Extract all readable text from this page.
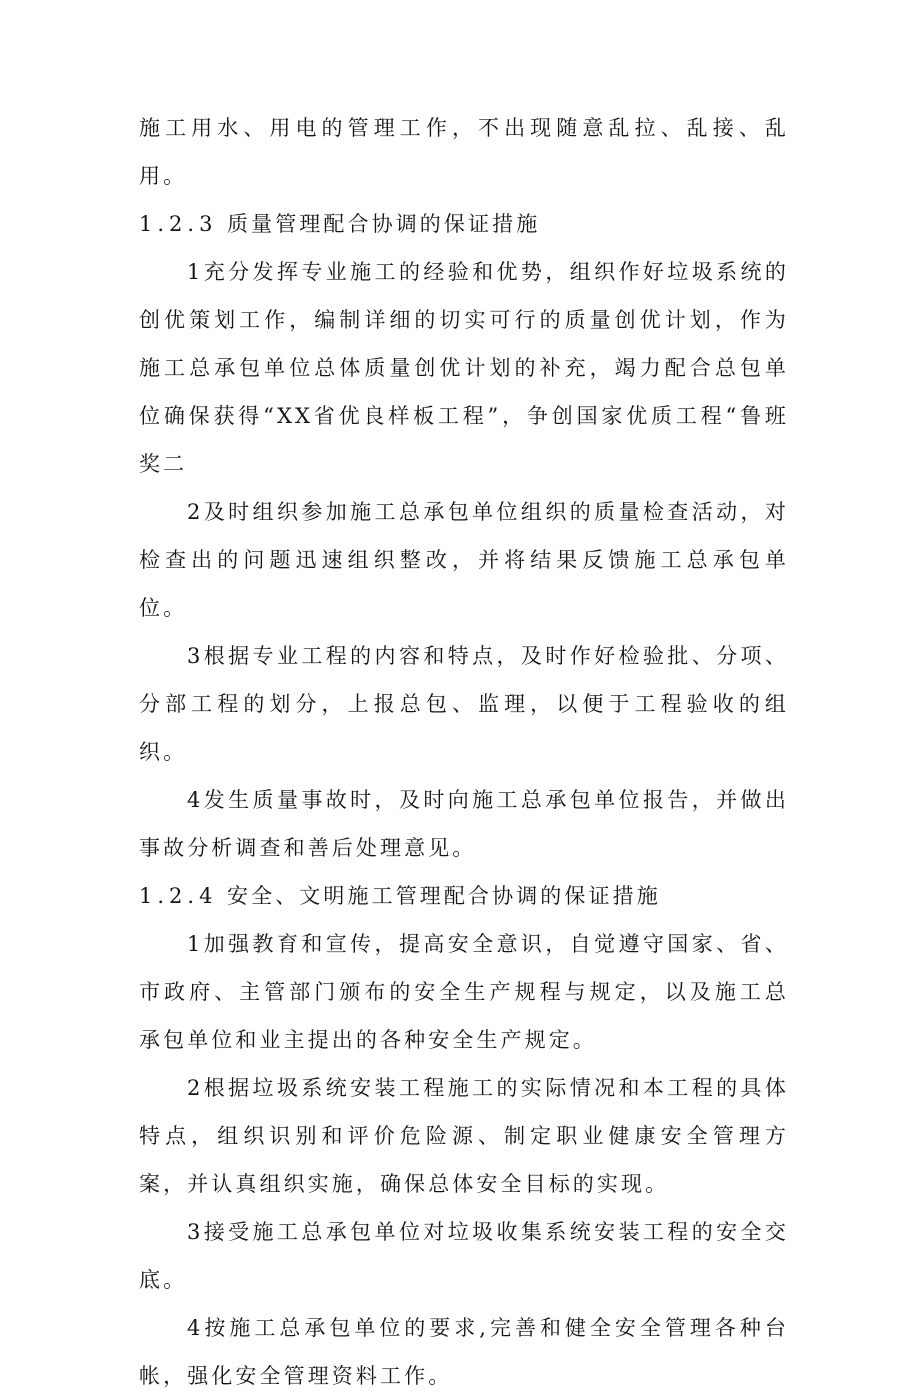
施工用水、用电的管理工作，不出现随意乱拉、乱接、乱用。

1.2.3 质量管理配合协调的保证措施

1充分发挥专业施工的经验和优势，组织作好垃圾系统的创优策划工作，编制详细的切实可行的质量创优计划，作为施工总承包单位总体质量创优计划的补充，竭力配合总包单位确保获得“XX省优良样板工程”，争创国家优质工程“鲁班奖二

2及时组织参加施工总承包单位组织的质量检查活动，对检查出的问题迅速组织整改，并将结果反馈施工总承包单位。

3根据专业工程的内容和特点，及时作好检验批、分项、分部工程的划分，上报总包、监理，以便于工程验收的组织。

4发生质量事故时，及时向施工总承包单位报告，并做出事故分析调查和善后处理意见。

1.2.4 安全、文明施工管理配合协调的保证措施

1加强教育和宣传，提高安全意识，自觉遵守国家、省、市政府、主管部门颁布的安全生产规程与规定，以及施工总承包单位和业主提出的各种安全生产规定。

2根据垃圾系统安装工程施工的实际情况和本工程的具体特点，组织识别和评价危险源、制定职业健康安全管理方案，并认真组织实施，确保总体安全目标的实现。

3接受施工总承包单位对垃圾收集系统安装工程的安全交底。

4按施工总承包单位的要求,完善和健全安全管理各种台帐，强化安全管理资料工作。
